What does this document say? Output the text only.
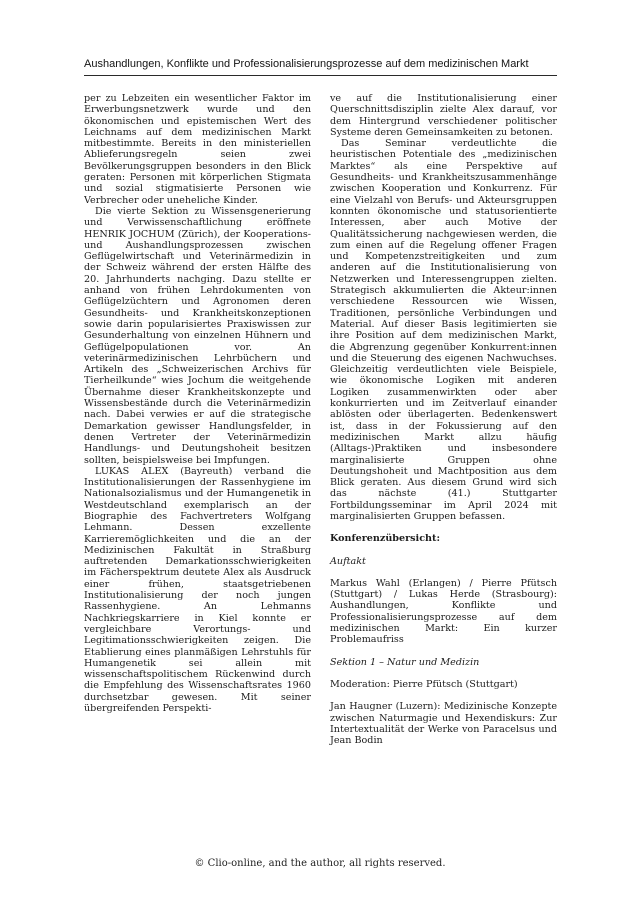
Aushandlungen, Konflikte und Professionalisierungsprozesse auf dem medizinischen Markt

per zu Lebzeiten ein wesentlicher Faktor im Erwerbungsnetzwerk wurde und den ökonomischen und epistemischen Wert des Leichnams auf dem medizinischen Markt mitbestimmte. Bereits in den ministeriellen Ablieferungsregeln seien zwei Bevölkerungsgruppen besonders in den Blick geraten: Personen mit körperlichen Stigmata und sozial stigmatisierte Personen wie Verbrecher oder uneheliche Kinder.

Die vierte Sektion zu Wissensgenerierung und Verwissenschaftlichung eröffnete HENRIK JOCHUM (Zürich), der Kooperations- und Aushandlungsprozessen zwischen Geflügelwirtschaft und Veterinärmedizin in der Schweiz während der ersten Hälfte des 20. Jahrhunderts nachging. Dazu stellte er anhand von frühen Lehrdokumenten von Geflügelzüchtern und Agronomen deren Gesundheits- und Krankheitskonzeptionen sowie darin popularisiertes Praxiswissen zur Gesunderhaltung von einzelnen Hühnern und Geflügelpopulationen vor. An veterinärmedizinischen Lehrbüchern und Artikeln des „Schweizerischen Archivs für Tierheilkunde“ wies Jochum die weitgehende Übernahme dieser Krankheitskonzepte und Wissensbestände durch die Veterinärmedizin nach. Dabei verwies er auf die strategische Demarkation gewisser Handlungsfelder, in denen Vertreter der Veterinärmedizin Handlungs- und Deutungshoheit besitzen sollten, beispielsweise bei Impfungen.

LUKAS ALEX (Bayreuth) verband die Institutionalisierungen der Rassenhygiene im Nationalsozialismus und der Humangenetik in Westdeutschland exemplarisch an der Biographie des Fachvertreters Wolfgang Lehmann. Dessen exzellente Karrieremöglichkeiten und die an der Medizinischen Fakultät in Straßburg auftretenden Demarkationsschwierigkeiten im Fächerspektrum deutete Alex als Ausdruck einer frühen, staatsgetriebenen Institutionalisierung der noch jungen Rassenhygiene. An Lehmanns Nachkriegskarriere in Kiel konnte er vergleichbare Verortungs- und Legitimationsschwierigkeiten zeigen. Die Etablierung eines planmäßigen Lehrstuhls für Humangenetik sei allein mit wissenschaftspolitischem Rückenwind durch die Empfehlung des Wissenschaftsrates 1960 durchsetzbar gewesen. Mit seiner übergreifenden Perspekti-

ve auf die Institutionalisierung einer Querschnittsdisziplin zielte Alex darauf, vor dem Hintergrund verschiedener politischer Systeme deren Gemeinsamkeiten zu betonen.

Das Seminar verdeutlichte die heuristischen Potentiale des „medizinischen Marktes“ als eine Perspektive auf Gesundheits- und Krankheitszusammenhänge zwischen Kooperation und Konkurrenz. Für eine Vielzahl von Berufs- und Akteursgruppen konnten ökonomische und statusorientierte Interessen, aber auch Motive der Qualitätssicherung nachgewiesen werden, die zum einen auf die Regelung offener Fragen und Kompetenzstreitigkeiten und zum anderen auf die Institutionalisierung von Netzwerken und Interessengruppen zielten. Strategisch akkumulierten die Akteur:innen verschiedene Ressourcen wie Wissen, Traditionen, persönliche Verbindungen und Material. Auf dieser Basis legitimierten sie ihre Position auf dem medizinischen Markt, die Abgrenzung gegenüber Konkurrent:innen und die Steuerung des eigenen Nachwuchses. Gleichzeitig verdeutlichten viele Beispiele, wie ökonomische Logiken mit anderen Logiken zusammenwirkten oder aber konkurrierten und im Zeitverlauf einander ablösten oder überlagerten. Bedenkenswert ist, dass in der Fokussierung auf den medizinischen Markt allzu häufig (Alltags-)Praktiken und insbesondere marginalisierte Gruppen ohne Deutungshoheit und Machtposition aus dem Blick geraten. Aus diesem Grund wird sich das nächste (41.) Stuttgarter Fortbildungsseminar im April 2024 mit marginalisierten Gruppen befassen.

Konferenzübersicht:

Auftakt

Markus Wahl (Erlangen) / Pierre Pfütsch (Stuttgart) / Lukas Herde (Strasbourg): Aushandlungen, Konflikte und Professionalisierungsprozesse auf dem medizinischen Markt: Ein kurzer Problemaufriss

Sektion 1 – Natur und Medizin

Moderation: Pierre Pfütsch (Stuttgart)

Jan Haugner (Luzern): Medizinische Konzepte zwischen Naturmagie und Hexendiskurs: Zur Intertextualität der Werke von Paracelsus und Jean Bodin

© Clio-online, and the author, all rights reserved.
